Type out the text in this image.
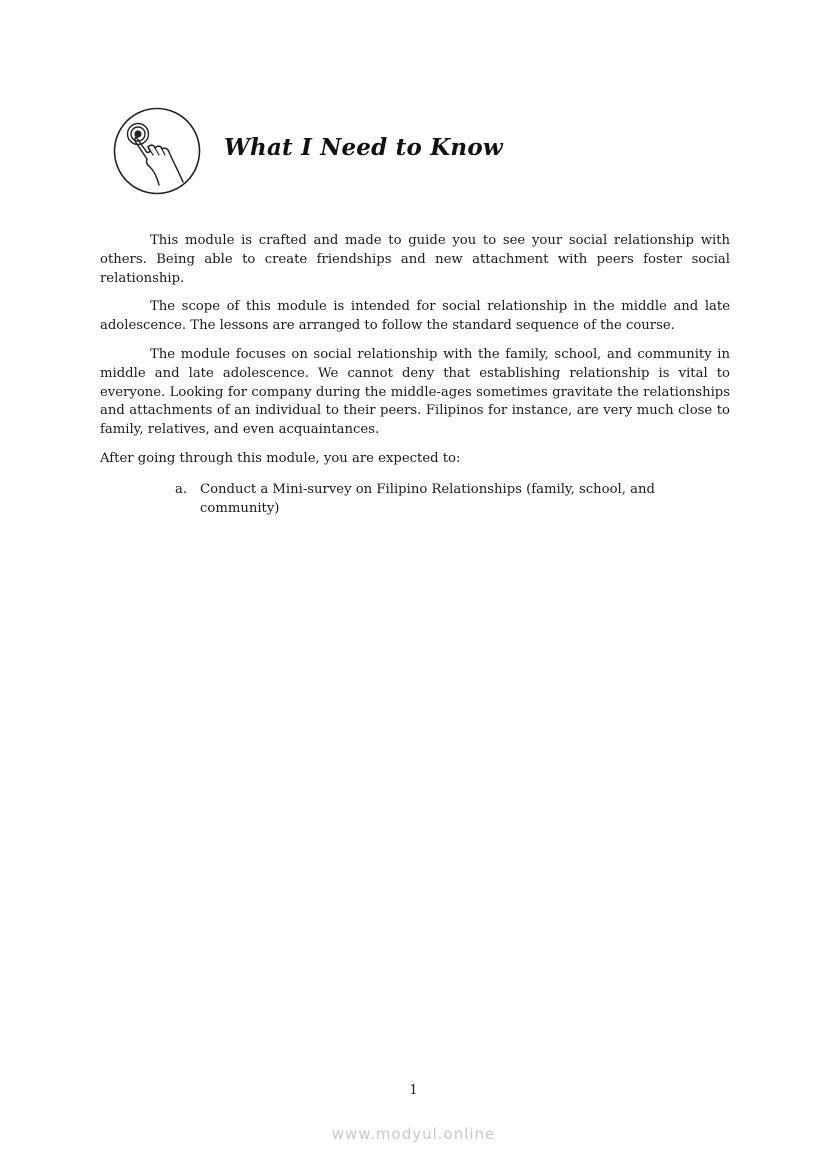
What I Need to Know

This module is crafted and made to guide you to see your social relationship with others. Being able to create friendships and new attachment with peers foster social relationship.

The scope of this module is intended for social relationship in the middle and late adolescence. The lessons are arranged to follow the standard sequence of the course.

The module focuses on social relationship with the family, school, and community in middle and late adolescence. We cannot deny that establishing relationship is vital to everyone. Looking for company during the middle-ages sometimes gravitate the relationships and attachments of an individual to their peers. Filipinos for instance, are very much close to family, relatives, and even acquaintances.

After going through this module, you are expected to:

a. Conduct a Mini-survey on Filipino Relationships (family, school, and community)
1
www.modyul.online
